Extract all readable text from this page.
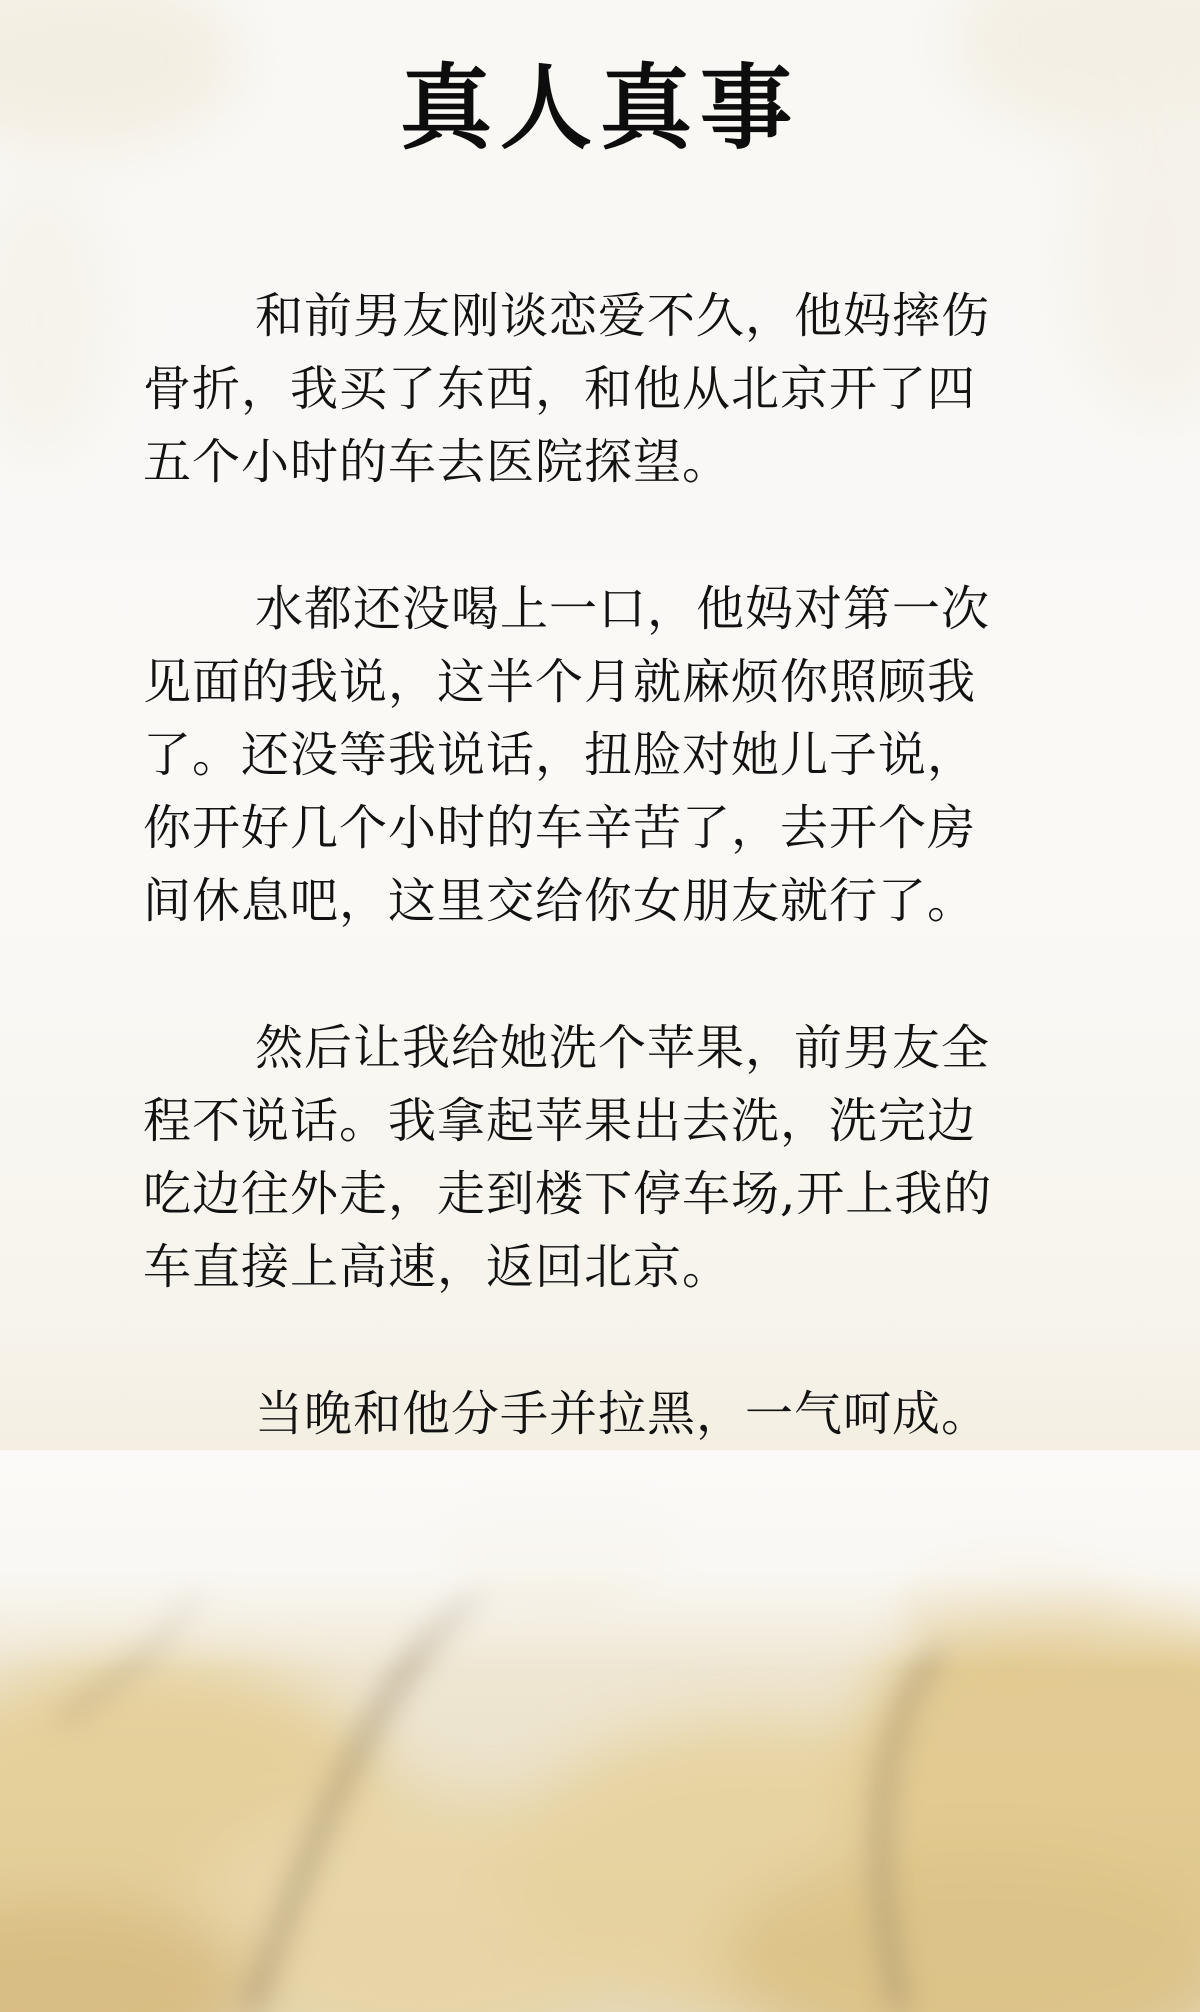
真人真事

和前男友刚谈恋爱不久，他妈摔伤骨折，我买了东西，和他从北京开了四五个小时的车去医院探望。

水都还没喝上一口，他妈对第一次见面的我说，这半个月就麻烦你照顾我了。还没等我说话，扭脸对她儿子说，你开好几个小时的车辛苦了，去开个房间休息吧，这里交给你女朋友就行了。

然后让我给她洗个苹果，前男友全程不说话。我拿起苹果出去洗，洗完边吃边往外走，走到楼下停车场,开上我的车直接上高速，返回北京。

当晚和他分手并拉黑，一气呵成。
